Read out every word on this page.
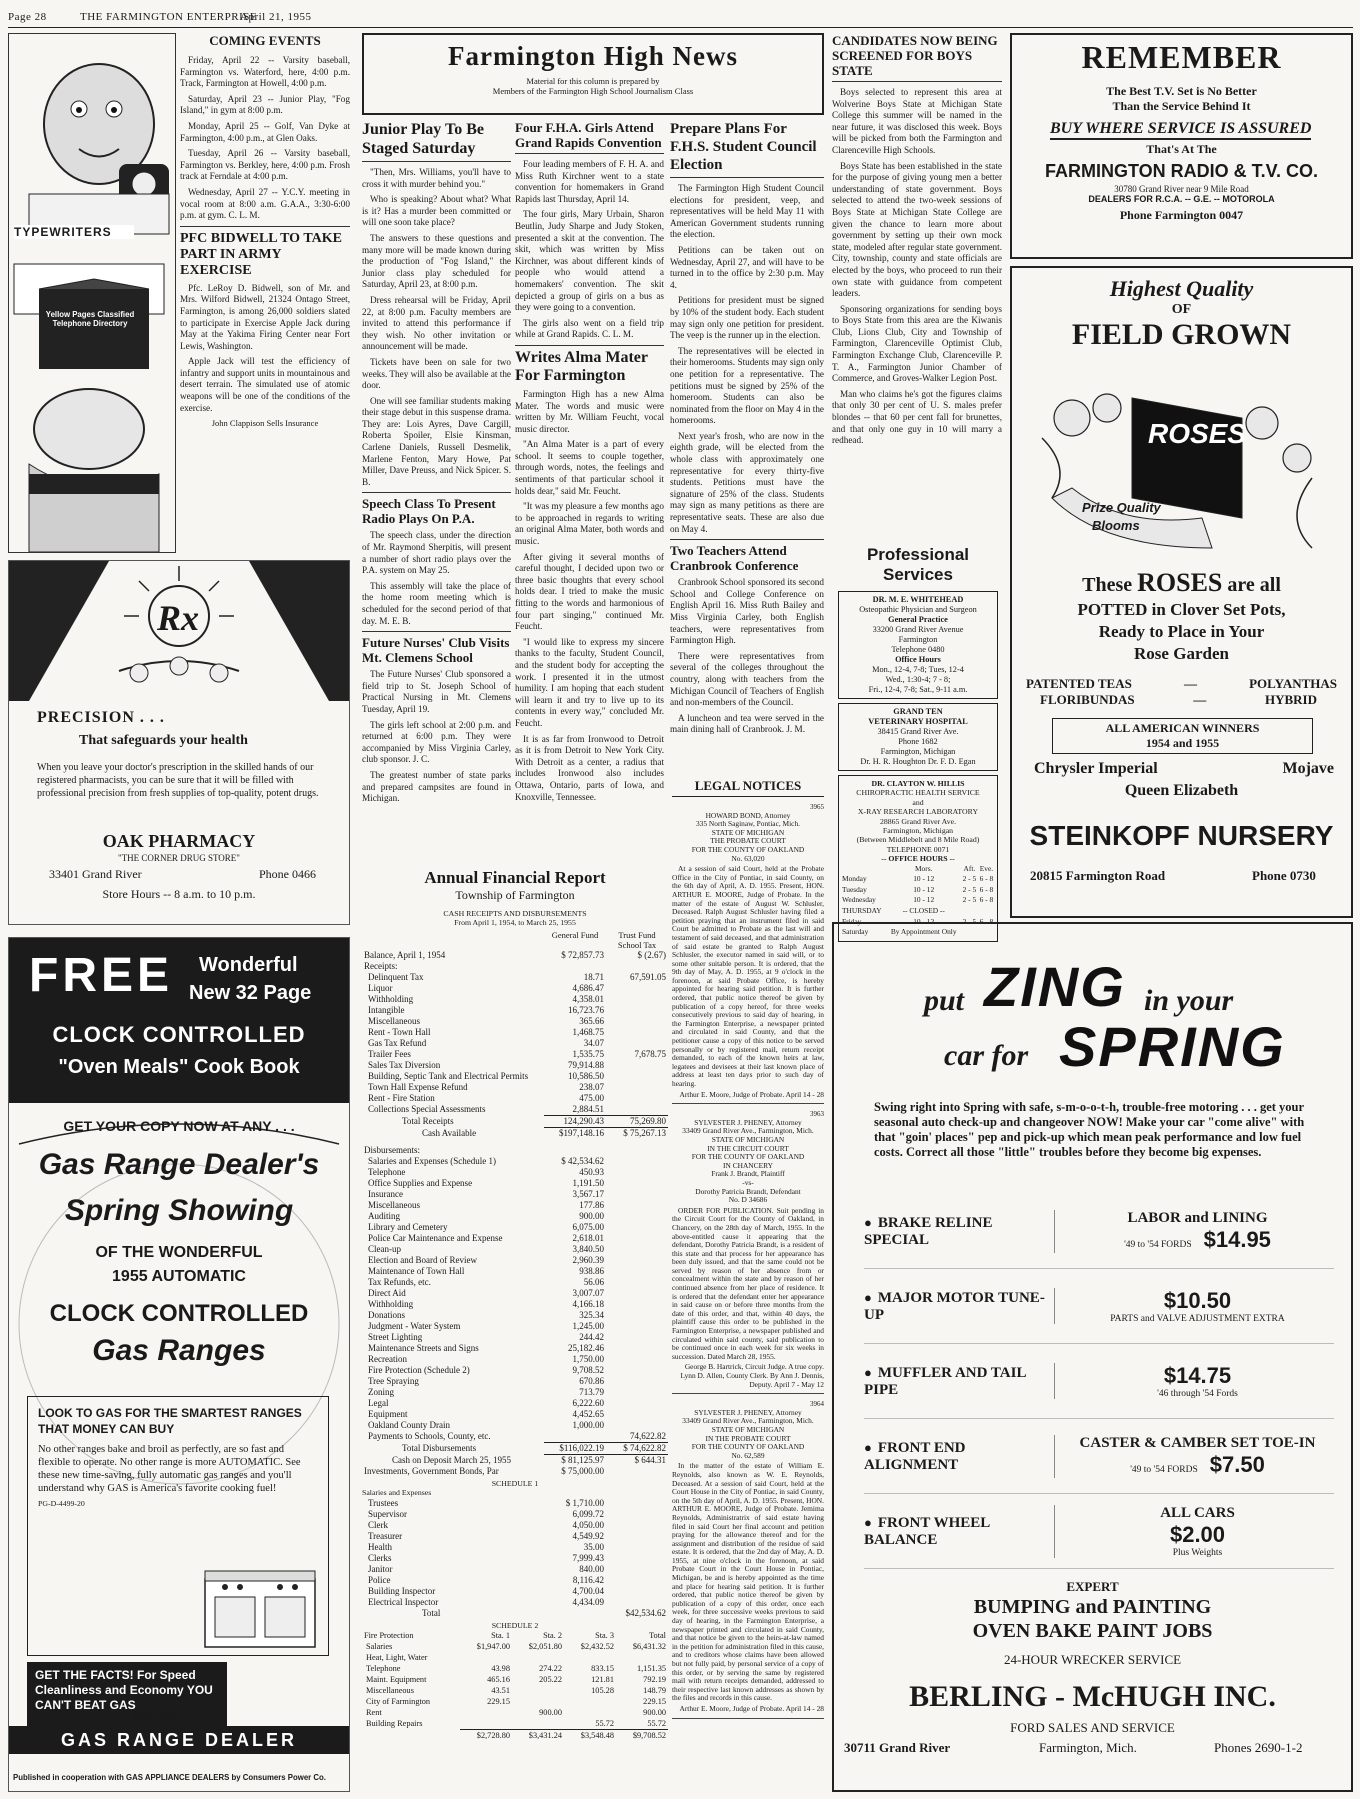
Page 28	THE FARMINGTON ENTERPRISE
April 21, 1955
TYPEWRITERS
Yellow Pages Classified Telephone Directory
COMING EVENTS

Friday, April 22 -- Varsity baseball, Farmington vs. Waterford, here, 4:00 p.m. Track, Farmington at Howell, 4:00 p.m.

Saturday, April 23 -- Junior Play, "Fog Island," in gym at 8:00 p.m.

Monday, April 25 -- Golf, Van Dyke at Farmington, 4:00 p.m., at Glen Oaks.

Tuesday, April 26 -- Varsity baseball, Farmington vs. Berkley, here, 4:00 p.m. Frosh track at Ferndale at 4:00 p.m.

Wednesday, April 27 -- Y.C.Y. meeting in vocal room at 8:00 a.m. G.A.A., 3:30-6:00 p.m. at gym. C. L. M.

PFC BIDWELL TO TAKE PART IN ARMY EXERCISE

Pfc. LeRoy D. Bidwell, son of Mr. and Mrs. Wilford Bidwell, 21324 Ontago Street, Farmington, is among 26,000 soldiers slated to participate in Exercise Apple Jack during May at the Yakima Firing Center near Fort Lewis, Washington.

Apple Jack will test the efficiency of infantry and support units in mountainous and desert terrain. The simulated use of atomic weapons will be one of the conditions of the exercise.

John Clappison Sells Insurance
Rx
PRECISION . . .
That safeguards your health
When you leave your doctor's prescription in the skilled hands of our registered pharmacists, you can be sure that it will be filled with professional precision from fresh supplies of top-quality, potent drugs.
OAK PHARMACY
"THE CORNER DRUG STORE"
33401 Grand River	Phone 0466
Store Hours -- 8 a.m. to 10 p.m.
FREE Wonderful
New 32 Page
CLOCK CONTROLLED
"Oven Meals" Cook Book
GET YOUR COPY NOW AT ANY . . .
Gas Range Dealer's
Spring Showing
OF THE WONDERFUL
1955 AUTOMATIC
CLOCK CONTROLLED
Gas Ranges
LOOK TO GAS FOR THE SMARTEST RANGES THAT MONEY CAN BUY
No other ranges bake and broil as perfectly, are so fast and flexible to operate. No other range is more AUTOMATIC. See these new time-saving, fully automatic gas ranges and you'll understand why GAS is America's favorite cooking fuel!
PG-D-4499-20
GET THE FACTS! For Speed Cleanliness and Economy YOU CAN'T BEAT GAS
SEE ANY
GAS RANGE DEALER
Published in cooperation with GAS APPLIANCE DEALERS by Consumers Power Co.
Farmington High News
Material for this column is prepared by
Members of the Farmington High School Journalism Class
Junior Play To Be Staged Saturday

"Then, Mrs. Williams, you'll have to cross it with murder behind you."

Who is speaking? About what? What is it? Has a murder been committed or will one soon take place?

The answers to these questions and many more will be made known during the production of "Fog Island," the Junior class play scheduled for Saturday, April 23, at 8:00 p.m.

Dress rehearsal will be Friday, April 22, at 8:00 p.m. Faculty members are invited to attend this performance if they wish. No other invitation or announcement will be made.

Tickets have been on sale for two weeks. They will also be available at the door.

One will see familiar students making their stage debut in this suspense drama. They are: Lois Ayres, Dave Cargill, Roberta Spoiler, Elsie Kinsman, Carlene Daniels, Russell Desmelik, Marlene Fenton, Mary Howe, Pat Miller, Dave Preuss, and Nick Spicer. S. B.

Speech Class To Present Radio Plays On P.A.

The speech class, under the direction of Mr. Raymond Sherpitis, will present a number of short radio plays over the P.A. system on May 25.

This assembly will take the place of the home room meeting which is scheduled for the second period of that day. M. E. B.

Future Nurses' Club Visits Mt. Clemens School

The Future Nurses' Club sponsored a field trip to St. Joseph School of Practical Nursing in Mt. Clemens Tuesday, April 19.

The girls left school at 2:00 p.m. and returned at 6:00 p.m. They were accompanied by Miss Virginia Carley, club sponsor. J. C.

The greatest number of state parks and prepared campsites are found in Michigan.

Four F.H.A. Girls Attend Grand Rapids Convention

Four leading members of F. H. A. and Miss Ruth Kirchner went to a state convention for homemakers in Grand Rapids last Thursday, April 14.

The four girls, Mary Urbain, Sharon Beutlin, Judy Sharpe and Judy Stoken, presented a skit at the convention. The skit, which was written by Miss Kirchner, was about different kinds of people who would attend a homemakers' convention. The skit depicted a group of girls on a bus as they were going to a convention.

The girls also went on a field trip while at Grand Rapids. C. L. M.

Writes Alma Mater For Farmington

Farmington High has a new Alma Mater. The words and music were written by Mr. William Feucht, vocal music director.

"An Alma Mater is a part of every school. It seems to couple together, through words, notes, the feelings and sentiments of that particular school it holds dear," said Mr. Feucht.

"It was my pleasure a few months ago to be approached in regards to writing an original Alma Mater, both words and music.

After giving it several months of careful thought, I decided upon two or three basic thoughts that every school holds dear. I tried to make the music fitting to the words and harmonious of four part singing," continued Mr. Feucht.

"I would like to express my sincere thanks to the faculty, Student Council, and the student body for accepting the work. I presented it in the utmost humility. I am hoping that each student will learn it and try to live up to its contents in every way," concluded Mr. Feucht.

It is as far from Ironwood to Detroit as it is from Detroit to New York City. With Detroit as a center, a radius that includes Ironwood also includes Ottawa, Ontario, parts of Iowa, and Knoxville, Tennessee.

Prepare Plans For F.H.S. Student Council Election

The Farmington High Student Council elections for president, veep, and representatives will be held May 11 with American Government students running the election.

Petitions can be taken out on Wednesday, April 27, and will have to be turned in to the office by 2:30 p.m. May 4.

Petitions for president must be signed by 10% of the student body. Each student may sign only one petition for president. The veep is the runner up in the election.

The representatives will be elected in their homerooms. Students may sign only one petition for a representative. The petitions must be signed by 25% of the homeroom. Students can also be nominated from the floor on May 4 in the homerooms.

Next year's frosh, who are now in the eighth grade, will be elected from the whole class with approximately one representative for every thirty-five students. Petitions must have the signature of 25% of the class. Students may sign as many petitions as there are representative seats. These are also due on May 4.

Two Teachers Attend Cranbrook Conference

Cranbrook School sponsored its second School and College Conference on English April 16. Miss Ruth Bailey and Miss Virginia Carley, both English teachers, were representatives from Farmington High.

There were representatives from several of the colleges throughout the country, along with teachers from the Michigan Council of Teachers of English and non-members of the Council.

A luncheon and tea were served in the main dining hall of Cranbrook. J. M.

Annual Financial Report
Township of Farmington
CASH RECEIPTS AND DISBURSEMENTS
From April 1, 1954, to March 25, 1955
General Fund	Trust Fund School Tax
Balance, April 1, 1954	$ 72,857.73	$ (2.67)
Receipts:		
Delinquent Tax	18.71	67,591.05
Liquor	4,686.47	
Withholding	4,358.01	
Intangible	16,723.76	
Miscellaneous	365.66	
Rent - Town Hall	1,468.75	
Gas Tax Refund	34.07	
Trailer Fees	1,535.75	7,678.75
Sales Tax Diversion	79,914.88	
Building, Septic Tank and Electrical Permits	10,586.50	
Town Hall Expense Refund	238.07	
Rent - Fire Station	475.00	
Collections Special Assessments	2,884.51	
Total Receipts	124,290.43	75,269.80
Cash Available	$197,148.16	$ 75,267.13

Disbursements:		
Salaries and Expenses (Schedule 1)	$ 42,534.62	
Telephone	450.93	
Office Supplies and Expense	1,191.50	
Insurance	3,567.17	
Miscellaneous	177.86	
Auditing	900.00	
Library and Cemetery	6,075.00	
Police Car Maintenance and Expense	2,618.01	
Clean-up	3,840.50	
Election and Board of Review	2,960.39	
Maintenance of Town Hall	938.86	
Tax Refunds, etc.	56.06	
Direct Aid	3,007.07	
Withholding	4,166.18	
Donations	325.34	
Judgment - Water System	1,245.00	
Street Lighting	244.42	
Maintenance Streets and Signs	25,182.46	
Recreation	1,750.00	
Fire Protection (Schedule 2)	9,708.52	
Tree Spraying	670.86	
Zoning	713.79	
Legal	6,222.60	
Equipment	4,452.65	
Oakland County Drain	1,000.00	
Payments to Schools, County, etc.		74,622.82
Total Disbursements	$116,022.19	$ 74,622.82
Cash on Deposit March 25, 1955	$ 81,125.97	$ 644.31
Investments, Government Bonds, Par	$ 75,000.00	
SCHEDULE 1
Salaries and Expenses
Trustees	$ 1,710.00	
Supervisor	6,099.72	
Clerk	4,050.00	
Treasurer	4,549.92	
Health	35.00	
Clerks	7,999.43	
Janitor	840.00	
Police	8,116.42	
Building Inspector	4,700.04	
Electrical Inspector	4,434.09	
Total		$42,534.62
SCHEDULE 2
Fire Protection	Sta. 1	Sta. 2	Sta. 3	Total
Salaries	$1,947.00	$2,051.80	$2,432.52	$6,431.32
Heat, Light, Water				
Telephone	43.98	274.22	833.15	1,151.35
Maint. Equipment	465.16	205.22	121.81	792.19
Miscellaneous	43.51		105.28	148.79
City of Farmington	229.15			229.15
Rent		900.00		900.00
Building Repairs			55.72	55.72
	$2,728.80	$3,431.24	$3,548.48	$9,708.52
LEGAL NOTICES
3965
HOWARD BOND, Attorney
335 North Saginaw, Pontiac, Mich.
STATE OF MICHIGAN
THE PROBATE COURT
FOR THE COUNTY OF OAKLAND
No. 63,020
At a session of said Court, held at the Probate Office in the City of Pontiac, in said County, on the 6th day of April, A. D. 1955. Present, HON. ARTHUR E. MOORE, Judge of Probate. In the matter of the estate of August W. Schlusler, Deceased. Ralph August Schlusler having filed a petition praying that an instrument filed in said Court be admitted to Probate as the last will and testament of said deceased, and that administration of said estate be granted to Ralph August Schlusler, the executor named in said will, or to some other suitable person. It is ordered, that the 9th day of May, A. D. 1955, at 9 o'clock in the forenoon, at said Probate Office, is hereby appointed for hearing said petition. It is further ordered, that public notice thereof be given by publication of a copy hereof, for three weeks consecutively previous to said day of hearing, in the Farmington Enterprise, a newspaper printed and circulated in said County, and that the petitioner cause a copy of this notice to be served personally or by registered mail, return receipt demanded, to each of the known heirs at law, legatees and devisees at their last known place of address at least ten days prior to such day of hearing.
Arthur E. Moore, Judge of Probate. April 14 - 28
3963
SYLVESTER J. PHENEY, Attorney
33409 Grand River Ave., Farmington, Mich.
STATE OF MICHIGAN
IN THE CIRCUIT COURT
FOR THE COUNTY OF OAKLAND
IN CHANCERY
Frank J. Brandt, Plaintiff
-vs-
Dorothy Patricia Brandt, Defendant
No. D 34686
ORDER FOR PUBLICATION. Suit pending in the Circuit Court for the County of Oakland, in Chancery, on the 28th day of March, 1955. In the above-entitled cause it appearing that the defendant, Dorothy Patricia Brandt, is a resident of this state and that process for her appearance has been duly issued, and that the same could not be served by reason of her absence from or concealment within the state and by reason of her continued absence from her place of residence. It is ordered that the defendant enter her appearance in said cause on or before three months from the date of this order, and that, within 40 days, the plaintiff cause this order to be published in the Farmington Enterprise, a newspaper published and circulated within said county, said publication to be continued once in each week for six weeks in succession. Dated March 28, 1955.
George B. Hartrick, Circuit Judge. A true copy. Lynn D. Allen, County Clerk. By Ann J. Dennis, Deputy. April 7 - May 12
3964
SYLVESTER J. PHENEY, Attorney
33409 Grand River Ave., Farmington, Mich.
STATE OF MICHIGAN
IN THE PROBATE COURT
FOR THE COUNTY OF OAKLAND
No. 62,589
In the matter of the estate of William E. Reynolds, also known as W. E. Reynolds, Deceased. At a session of said Court, held at the Court House in the City of Pontiac, in said County, on the 5th day of April, A. D. 1955. Present, HON. ARTHUR E. MOORE, Judge of Probate. Jemima Reynolds, Administratrix of said estate having filed in said Court her final account and petition praying for the allowance thereof and for the assignment and distribution of the residue of said estate. It is ordered, that the 2nd day of May, A. D. 1955, at nine o'clock in the forenoon, at said Probate Court in the Court House in Pontiac, Michigan, be and is hereby appointed as the time and place for hearing said petition. It is further ordered, that public notice thereof be given by publication of a copy of this order, once each week, for three successive weeks previous to said day of hearing, in the Farmington Enterprise, a newspaper printed and circulated in said County, and that notice be given to the heirs-at-law named in the petition for administration filed in this cause, and to creditors whose claims have been allowed but not fully paid, by personal service of a copy of this order, or by serving the same by registered mail with return receipts demanded, addressed to their respective last known addresses as shown by the files and records in this cause.
Arthur E. Moore, Judge of Probate. April 14 - 28
CANDIDATES NOW BEING SCREENED FOR BOYS STATE

Boys selected to represent this area at Wolverine Boys State at Michigan State College this summer will be named in the near future, it was disclosed this week. Boys will be picked from both the Farmington and Clarenceville High Schools.

Boys State has been established in the state for the purpose of giving young men a better understanding of state government. Boys selected to attend the two-week sessions of Boys State at Michigan State College are given the chance to learn more about government by setting up their own mock state, modeled after regular state government. City, township, county and state officials are elected by the boys, who proceed to run their own state with guidance from competent leaders.

Sponsoring organizations for sending boys to Boys State from this area are the Kiwanis Club, Lions Club, City and Township of Farmington, Clarenceville Optimist Club, Farmington Exchange Club, Clarenceville P. T. A., Farmington Junior Chamber of Commerce, and Groves-Walker Legion Post.

Man who claims he's got the figures claims that only 30 per cent of U. S. males prefer blondes -- that 60 per cent fall for brunettes, and that only one guy in 10 will marry a redhead.

Professional Services
DR. M. E. WHITEHEAD
Osteopathic Physician and Surgeon
General Practice
33200 Grand River Avenue
Farmington
Telephone 0480
Office Hours
Mon., 12-4, 7-8; Tues, 12-4
Wed., 1:30-4; 7 - 8;
Fri., 12-4, 7-8; Sat., 9-11 a.m.
GRAND TEN
VETERINARY HOSPITAL
38415 Grand River Ave.
Phone 1682
Farmington, Michigan
Dr. H. R. Houghton Dr. F. D. Egan
DR. CLAYTON W. HILLIS
CHIROPRACTIC HEALTH SERVICE
and
X-RAY RESEARCH LABORATORY
28865 Grand River Ave.
Farmington, Michigan
(Between Middlebelt and 8 Mile Road)
TELEPHONE 0071
-- OFFICE HOURS --
	Mors.	Aft.	Eve.
Monday	10 - 12	2 - 5	6 - 8
Tuesday	10 - 12	2 - 5	6 - 8
Wednesday	10 - 12	2 - 5	6 - 8
THURSDAY	-- CLOSED --		
Friday	10 - 12	2 - 5	6 - 8
Saturday	By Appointment Only		
REMEMBER
The Best T.V. Set is No Better
Than the Service Behind It
BUY WHERE SERVICE IS ASSURED
That's At The
FARMINGTON RADIO & T.V. CO.
30780 Grand River near 9 Mile Road
DEALERS FOR R.C.A. -- G.E. -- MOTOROLA
Phone Farmington 0047
Highest Quality
OF
FIELD GROWN
ROSES
Prize Quality
Blooms
These ROSES are all
POTTED in Clover Set Pots,
Ready to Place in Your
Rose Garden
PATENTED TEAS	—	POLYANTHAS
FLORIBUNDAS	—	HYBRID
ALL AMERICAN WINNERS
1954 and 1955
Chrysler Imperial	Mojave
Queen Elizabeth
STEINKOPF NURSERY
20815 Farmington Road	Phone 0730
put ZING in your
car for SPRING
Swing right into Spring with safe, s-m-o-o-t-h, trouble-free motoring . . . get your seasonal auto check-up and changeover NOW! Make your car "come alive" with that "goin' places" pep and pick-up which mean peak performance and low fuel costs. Correct all those "little" troubles before they become big expenses.
● BRAKE RELINE SPECIAL
LABOR and LINING
'49 to '54 FORDS $14.95
● MAJOR MOTOR TUNE-UP
$10.50
PARTS and VALVE ADJUSTMENT EXTRA
● MUFFLER AND TAIL PIPE
$14.75
'46 through '54 Fords
● FRONT END ALIGNMENT
CASTER & CAMBER SET TOE-IN
'49 to '54 FORDS $7.50
● FRONT WHEEL BALANCE
ALL CARS
$2.00
Plus Weights
EXPERT
BUMPING and PAINTING
OVEN BAKE PAINT JOBS
24-HOUR WRECKER SERVICE
BERLING - McHUGH INC.
FORD SALES AND SERVICE
30711 Grand River	Farmington, Mich.	Phones 2690-1-2
